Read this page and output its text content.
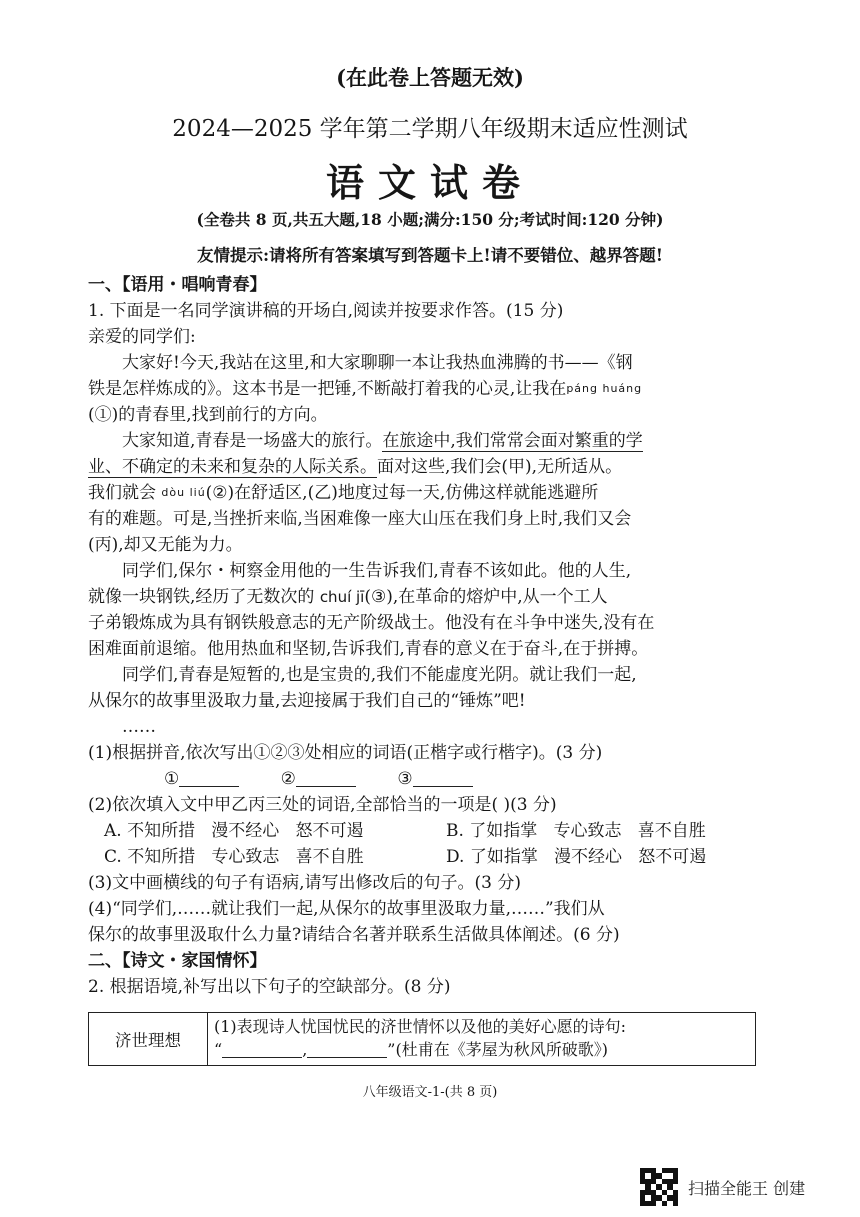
(在此卷上答题无效)
2024—2025 学年第二学期八年级期末适应性测试
语文试卷
(全卷共 8 页,共五大题,18 小题;满分:150 分;考试时间:120 分钟)
友情提示:请将所有答案填写到答题卡上!请不要错位、越界答题!
一、【语用・唱响青春】
1. 下面是一名同学演讲稿的开场白,阅读并按要求作答。(15 分)
亲爱的同学们:
大家好!今天,我站在这里,和大家聊聊一本让我热血沸腾的书——《钢
铁是怎样炼成的》。这本书是一把锤,不断敲打着我的心灵,让我在páng huáng
(①)的青春里,找到前行的方向。
大家知道,青春是一场盛大的旅行。在旅途中,我们常常会面对繁重的学
业、不确定的未来和复杂的人际关系。面对这些,我们会(甲),无所适从。
我们就会 dòu liú(②)在舒适区,(乙)地度过每一天,仿佛这样就能逃避所
有的难题。可是,当挫折来临,当困难像一座大山压在我们身上时,我们又会
(丙),却又无能为力。
同学们,保尔・柯察金用他的一生告诉我们,青春不该如此。他的人生,
就像一块钢铁,经历了无数次的 chuí jī(③),在革命的熔炉中,从一个工人
子弟锻炼成为具有钢铁般意志的无产阶级战士。他没有在斗争中迷失,没有在
困难面前退缩。他用热血和坚韧,告诉我们,青春的意义在于奋斗,在于拼搏。
同学们,青春是短暂的,也是宝贵的,我们不能虚度光阴。就让我们一起,
从保尔的故事里汲取力量,去迎接属于我们自己的“锤炼”吧!
……
(1)根据拼音,依次写出①②③处相应的词语(正楷字或行楷字)。(3 分)
①	②	③
(2)依次填入文中甲乙丙三处的词语,全部恰当的一项是( )(3 分)
A. 不知所措   漫不经心   怒不可遏	B. 了如指掌   专心致志   喜不自胜
C. 不知所措   专心致志   喜不自胜	D. 了如指掌   漫不经心   怒不可遏
(3)文中画横线的句子有语病,请写出修改后的句子。(3 分)
(4)“同学们,……就让我们一起,从保尔的故事里汲取力量,……”我们从
保尔的故事里汲取什么力量?请结合名著并联系生活做具体阐述。(6 分)
二、【诗文・家国情怀】
2. 根据语境,补写出以下句子的空缺部分。(8 分)
济世理想
(1)表现诗人忧国忧民的济世情怀以及他的美好心愿的诗句:
“	,	”(杜甫在《茅屋为秋风所破歌》)
八年级语文-1-(共 8 页)
扫描全能王 创建
